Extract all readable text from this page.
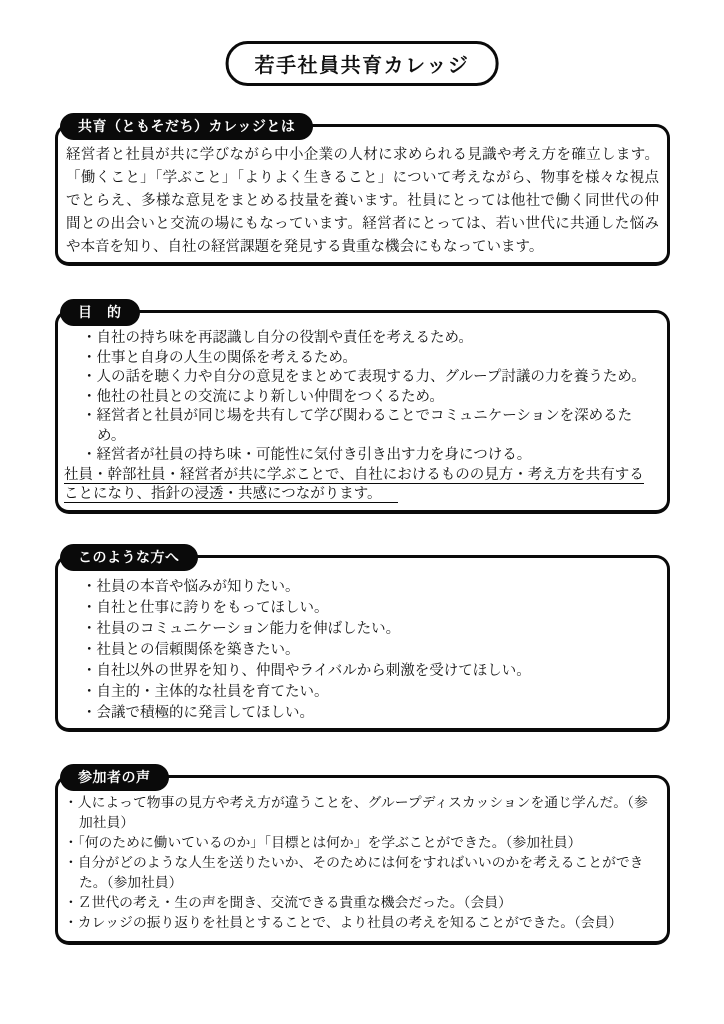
若手社員共育カレッジ
共育（ともそだち）カレッジとは
経営者と社員が共に学びながら中小企業の人材に求められる見識や考え方を確立します。「働くこと」「学ぶこと」「よりよく生きること」について考えながら、物事を様々な視点でとらえ、多様な意見をまとめる技量を養います。社員にとっては他社で働く同世代の仲間との出会いと交流の場にもなっています。経営者にとっては、若い世代に共通した悩みや本音を知り、自社の経営課題を発見する貴重な機会にもなっています。
目　的
・自社の持ち味を再認識し自分の役割や責任を考えるため。
・仕事と自身の人生の関係を考えるため。
・人の話を聴く力や自分の意見をまとめて表現する力、グループ討議の力を養うため。
・他社の社員との交流により新しい仲間をつくるため。
・経営者と社員が同じ場を共有して学び関わることでコミュニケーションを深めるため。
・経営者が社員の持ち味・可能性に気付き引き出す力を身につける。
社員・幹部社員・経営者が共に学ぶことで、自社におけるものの見方・考え方を共有することになり、指針の浸透・共感につながります。
このような方へ
・社員の本音や悩みが知りたい。
・自社と仕事に誇りをもってほしい。
・社員のコミュニケーション能力を伸ばしたい。
・社員との信頼関係を築きたい。
・自社以外の世界を知り、仲間やライバルから刺激を受けてほしい。
・自主的・主体的な社員を育てたい。
・会議で積極的に発言してほしい。
参加者の声
・人によって物事の見方や考え方が違うことを、グループディスカッションを通じ学んだ。（参加社員）
・「何のために働いているのか」「目標とは何か」を学ぶことができた。（参加社員）
・自分がどのような人生を送りたいか、そのためには何をすればいいのかを考えることができた。（参加社員）
・Ｚ世代の考え・生の声を聞き、交流できる貴重な機会だった。（会員）
・カレッジの振り返りを社員とすることで、より社員の考えを知ることができた。（会員）
